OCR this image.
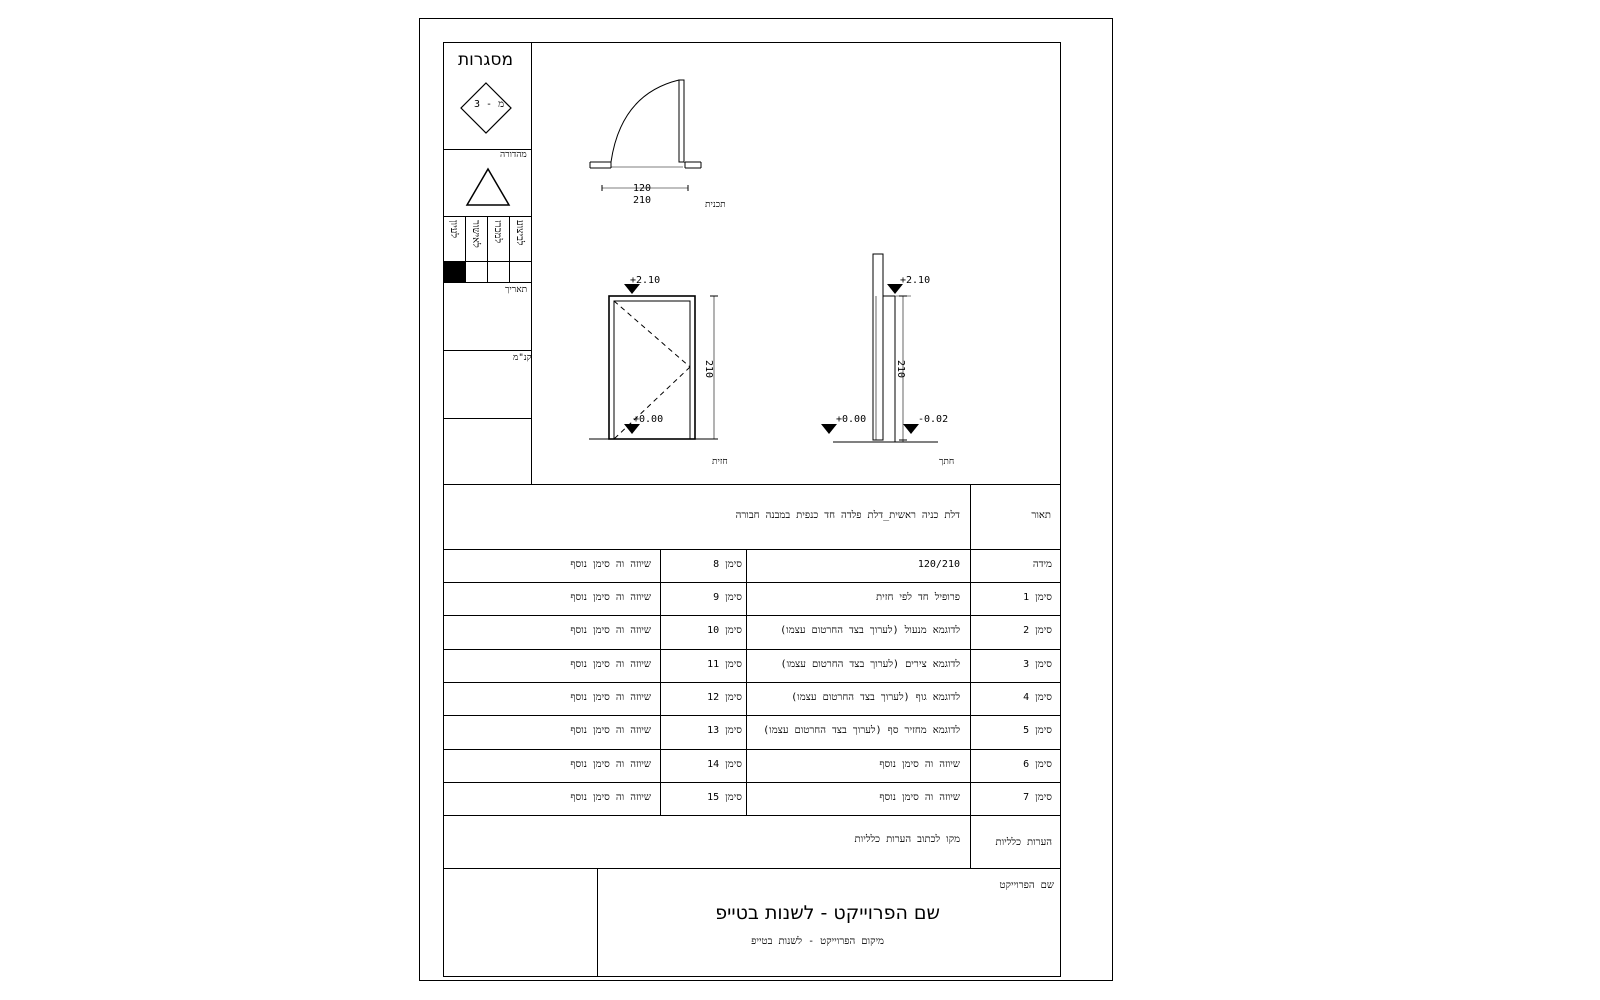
מסגרות
מ - 3
מהדורה
לעיון לאישור למכרז לביצוע
תאריך
קנ"מ
120
210	תכנית
+2.10
+0.00
210
חזית
+2.10
+0.00	-0.02
210
חתך
תאור
דלת כניה ראשית_דלת פלדה חד כנפית במבנה חבורה
מידה
120/210
סימן 1
פרופיל חד לפי חזית
סימן 2
לדוגמא מנעול (לערוך בצד החרטום עצמו)
סימן 3
לדוגמא צירים (לערוך בצד החרטום עצמו)
סימן 4
לדוגמא גוף (לערוך בצד החרטום עצמו)
סימן 5
לדוגמא מחזיר סף (לערוך בצד החרטום עצמו)
סימן 6
שיוזה וה סימן נוסף
סימן 7
שיוזה וה סימן נוסף
סימן 8
שיוזה וה סימן נוסף
סימן 9
שיוזה וה סימן נוסף
סימן 10
שיוזה וה סימן נוסף
סימן 11
שיוזה וה סימן נוסף
סימן 12
שיוזה וה סימן נוסף
סימן 13
שיוזה וה סימן נוסף
סימן 14
שיוזה וה סימן נוסף
סימן 15
שיוזה וה סימן נוסף
הערות כלליות
מקו לכתוב הערות כלליות
שם הפרוייקט
שם הפרוייקט - לשנות בטייפ
מיקום הפרוייקט - לשנות בטייפ
